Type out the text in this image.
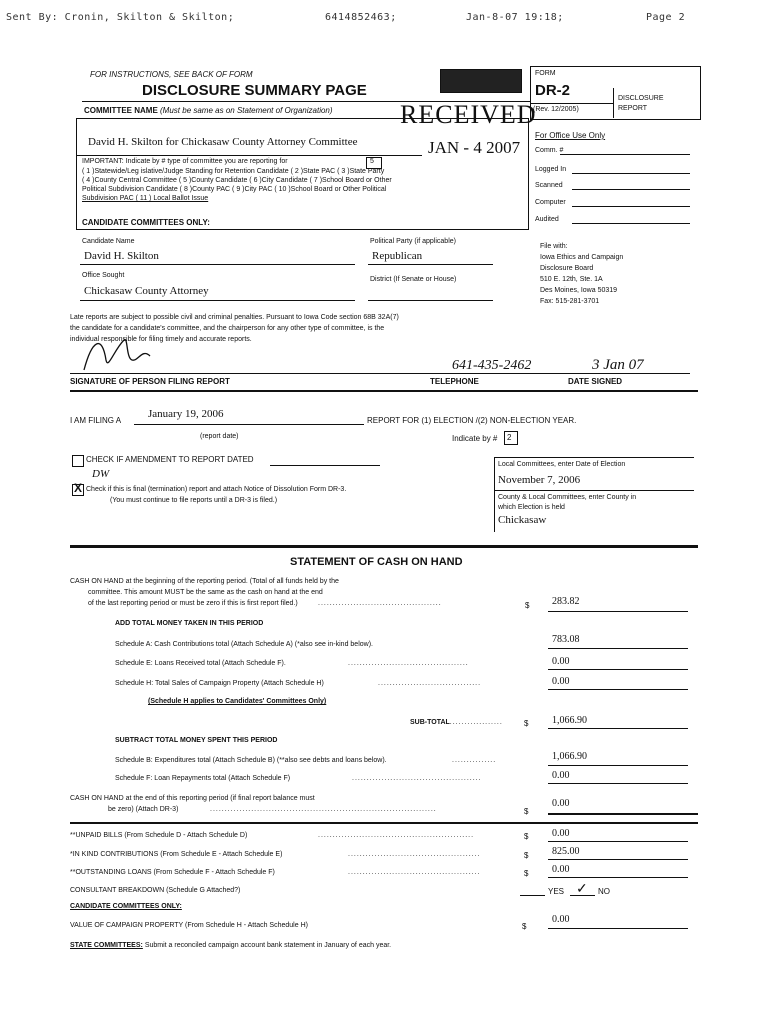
Sent By: Cronin, Skilton & Skilton;	6414852463;	Jan-8-07 19:18;	Page 2
FOR INSTRUCTIONS, SEE BACK OF FORM
DISCLOSURE SUMMARY PAGE
FORM
DR-2
(Rev. 12/2005)
DISCLOSURE
REPORT
COMMITTEE NAME (Must be same as on Statement of Organization)	RECEIVED
JAN - 4 2007
David H. Skilton for Chickasaw County Attorney Committee
IMPORTANT: Indicate by # type of committee you are reporting for	5
( 1 )Statewide/Leg islative/Judge Standing for Retention Candidate ( 2 )State PAC ( 3 )State Party
( 4 )County Central Committee ( 5 )County Candidate ( 6 )City Candidate ( 7 )School Board or Other
Political Subdivision Candidate ( 8 )County PAC ( 9 )City PAC ( 10 )School Board or Other Political
Subdivision PAC ( 11 ) Local Ballot Issue
CANDIDATE COMMITTEES ONLY:
Candidate Name
David H. Skilton
Political Party (if applicable)
Republican
Office Sought
Chickasaw County Attorney
District (If Senate or House)
For Office Use Only
Comm. #
Logged In
Scanned
Computer
Audited
File with:
Iowa Ethics and Campaign
Disclosure Board
510 E. 12th, Ste. 1A
Des Moines, Iowa 50319
Fax: 515-281-3701
Late reports are subject to possible civil and criminal penalties. Pursuant to Iowa Code section 68B 32A(7)
the candidate for a candidate's committee, and the chairperson for any other type of committee, is the
individual responsible for filing timely and accurate reports.
641-435-2462	3 Jan 07
SIGNATURE OF PERSON FILING REPORT	TELEPHONE	DATE SIGNED
I AM FILING A
January 19, 2006
(report date)
REPORT FOR (1) ELECTION /(2) NON-ELECTION YEAR.
Indicate by # 2
CHECK IF AMENDMENT TO REPORT DATED
DW
X Check if this is final (termination) report and attach Notice of Dissolution Form DR-3.
(You must continue to file reports until a DR-3 is filed.)
Local Committees, enter Date of Election
November 7, 2006
County & Local Committees, enter County in
which Election is held
Chickasaw
STATEMENT OF CASH ON HAND
CASH ON HAND at the beginning of the reporting period. (Total of all funds held by the
committee. This amount MUST be the same as the cash on hand at the end
of the last reporting period or must be zero if this is first report filed.)	..........................................	$ 283.82
ADD TOTAL MONEY TAKEN IN THIS PERIOD
Schedule A: Cash Contributions total (Attach Schedule A) (*also see in-kind below).	783.08
Schedule E: Loans Received total (Attach Schedule F).	.........................................	0.00
Schedule H: Total Sales of Campaign Property (Attach Schedule H)	...................................	0.00
(Schedule H applies to Candidates' Committees Only)
SUB-TOTAL..................	$ 1,066.90
SUBTRACT TOTAL MONEY SPENT THIS PERIOD
Schedule B: Expenditures total (Attach Schedule B) (**also see debts and loans below).	...............	1,066.90
Schedule F: Loan Repayments total (Attach Schedule F)	............................................	0.00
CASH ON HAND at the end of this reporting period (if final report balance must
be zero) (Attach DR-3)	.............................................................................	$
0.00
**UNPAID BILLS (From Schedule D - Attach Schedule D)	.....................................................	$ 0.00
*IN KIND CONTRIBUTIONS (From Schedule E - Attach Schedule E)	.............................................	$ 825.00
**OUTSTANDING LOANS (From Schedule F - Attach Schedule F)	.............................................	$ 0.00
CONSULTANT BREAKDOWN (Schedule G Attached?)	YES ✓ NO
CANDIDATE COMMITTEES ONLY:
VALUE OF CAMPAIGN PROPERTY (From Schedule H - Attach Schedule H)	$
0.00
STATE COMMITTEES: Submit a reconciled campaign account bank statement in January of each year.
